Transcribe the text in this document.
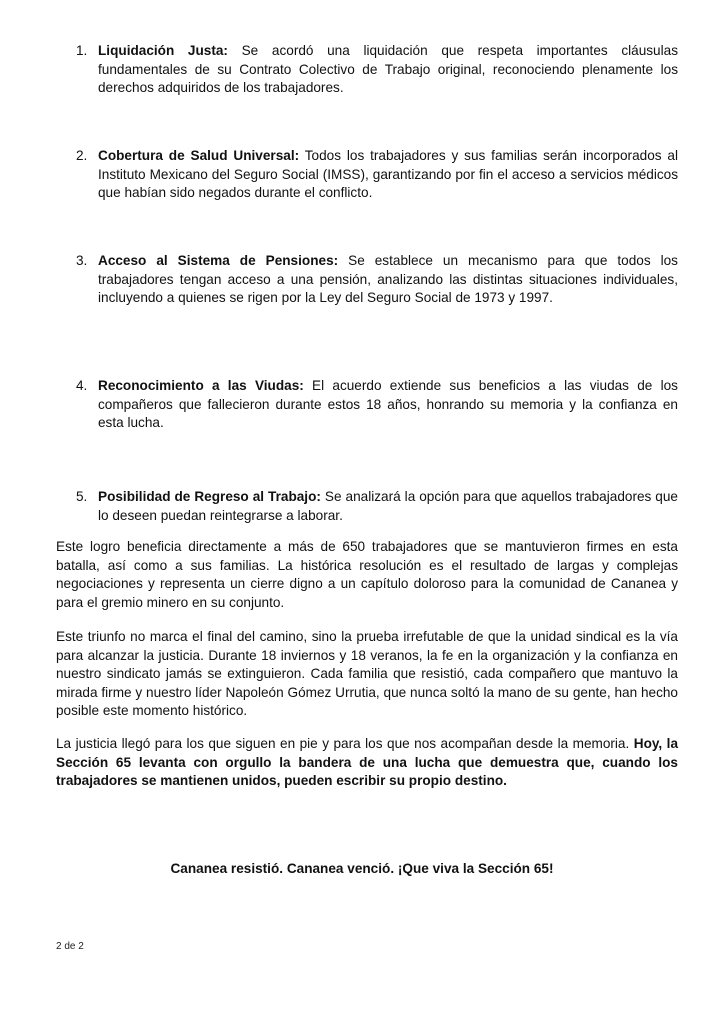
1. Liquidación Justa: Se acordó una liquidación que respeta importantes cláusulas fundamentales de su Contrato Colectivo de Trabajo original, reconociendo plenamente los derechos adquiridos de los trabajadores.
2. Cobertura de Salud Universal: Todos los trabajadores y sus familias serán incorporados al Instituto Mexicano del Seguro Social (IMSS), garantizando por fin el acceso a servicios médicos que habían sido negados durante el conflicto.
3. Acceso al Sistema de Pensiones: Se establece un mecanismo para que todos los trabajadores tengan acceso a una pensión, analizando las distintas situaciones individuales, incluyendo a quienes se rigen por la Ley del Seguro Social de 1973 y 1997.
4. Reconocimiento a las Viudas: El acuerdo extiende sus beneficios a las viudas de los compañeros que fallecieron durante estos 18 años, honrando su memoria y la confianza en esta lucha.
5. Posibilidad de Regreso al Trabajo: Se analizará la opción para que aquellos trabajadores que lo deseen puedan reintegrarse a laborar.
Este logro beneficia directamente a más de 650 trabajadores que se mantuvieron firmes en esta batalla, así como a sus familias. La histórica resolución es el resultado de largas y complejas negociaciones y representa un cierre digno a un capítulo doloroso para la comunidad de Cananea y para el gremio minero en su conjunto.
Este triunfo no marca el final del camino, sino la prueba irrefutable de que la unidad sindical es la vía para alcanzar la justicia. Durante 18 inviernos y 18 veranos, la fe en la organización y la confianza en nuestro sindicato jamás se extinguieron. Cada familia que resistió, cada compañero que mantuvo la mirada firme y nuestro líder Napoleón Gómez Urrutia, que nunca soltó la mano de su gente, han hecho posible este momento histórico.
La justicia llegó para los que siguen en pie y para los que nos acompañan desde la memoria. Hoy, la Sección 65 levanta con orgullo la bandera de una lucha que demuestra que, cuando los trabajadores se mantienen unidos, pueden escribir su propio destino.
Cananea resistió. Cananea venció. ¡Que viva la Sección 65!
2 de 2
